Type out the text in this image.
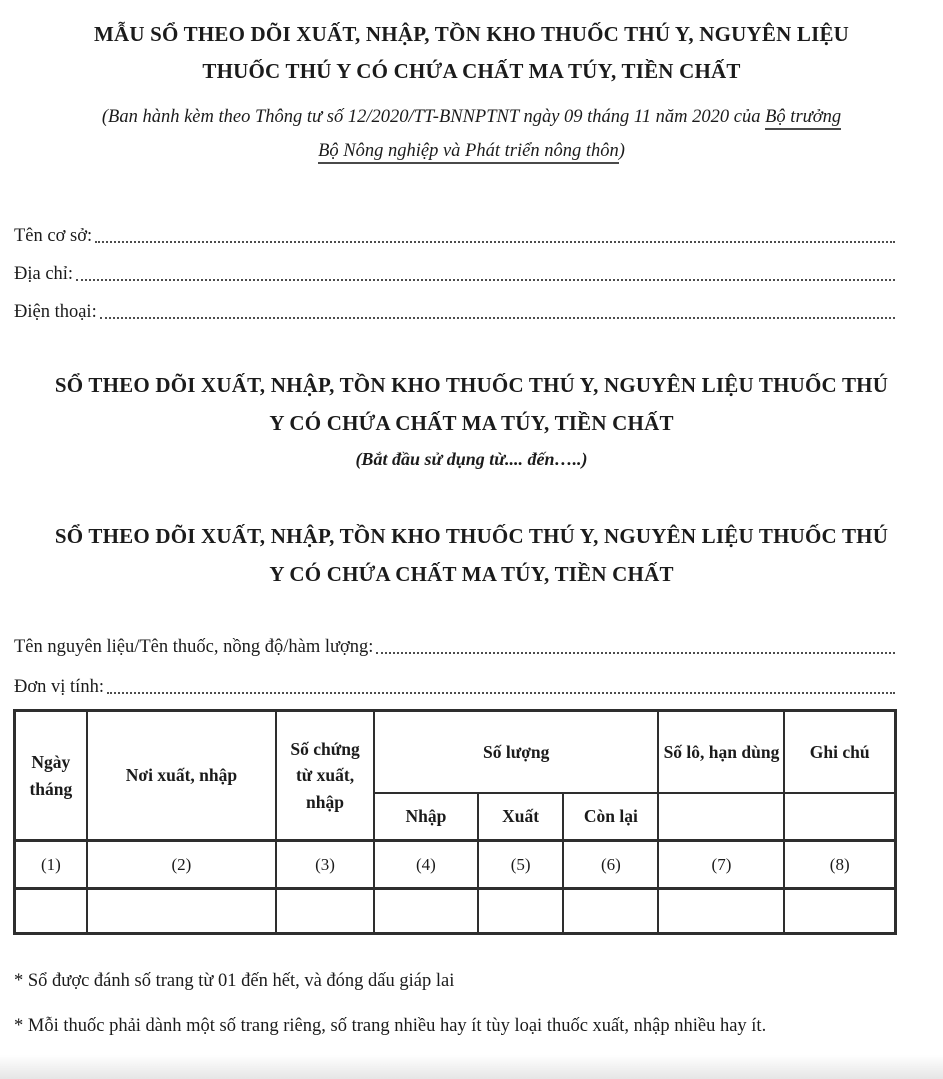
MẪU SỔ THEO DÕI XUẤT, NHẬP, TỒN KHO THUỐC THÚ Y, NGUYÊN LIỆU THUỐC THÚ Y CÓ CHỨA CHẤT MA TÚY, TIỀN CHẤT
(Ban hành kèm theo Thông tư số 12/2020/TT-BNNPTNT ngày 09 tháng 11 năm 2020 của Bộ trưởng Bộ Nông nghiệp và Phát triển nông thôn)
Tên cơ sở:
Địa chỉ:
Điện thoại:
SỔ THEO DÕI XUẤT, NHẬP, TỒN KHO THUỐC THÚ Y, NGUYÊN LIỆU THUỐC THÚ Y CÓ CHỨA CHẤT MA TÚY, TIỀN CHẤT
(Bắt đầu sử dụng từ.... đến…..)
SỔ THEO DÕI XUẤT, NHẬP, TỒN KHO THUỐC THÚ Y, NGUYÊN LIỆU THUỐC THÚ Y CÓ CHỨA CHẤT MA TÚY, TIỀN CHẤT
Tên nguyên liệu/Tên thuốc, nồng độ/hàm lượng:
Đơn vị tính:
Ngày tháng	Nơi xuất, nhập	Số chứng từ xuất, nhập	Số lượng			Số lô, hạn dùng	Ghi chú
			Nhập	Xuất	Còn lại		
(1)	(2)	(3)	(4)	(5)	(6)	(7)	(8)

* Sổ được đánh số trang từ 01 đến hết, và đóng dấu giáp lai
* Mỗi thuốc phải dành một số trang riêng, số trang nhiều hay ít tùy loại thuốc xuất, nhập nhiều hay ít.
